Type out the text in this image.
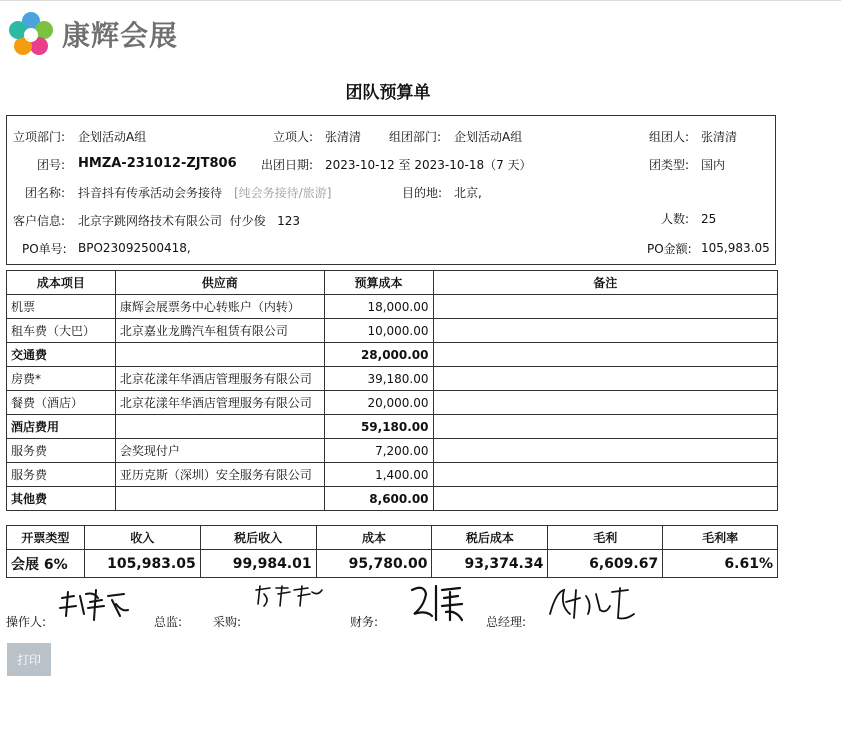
康辉会展
团队预算单
立项部门: 企划活动A组	立项人: 张清清 组团部门: 企划活动A组	组团人: 张清清
团号: HMZA-231012-ZJT806 出团日期: 2023-10-12 至 2023-10-18（7 天）	团类型: 国内
团名称: 抖音抖有传承活动会务接待 [纯会务接待/旅游]	目的地: 北京,
客户信息: 北京字跳网络技术有限公司  付少俊   123	人数: 25
PO单号: BPO23092500418,	PO金额: 105,983.05
成本项目	供应商	预算成本	备注
机票	康辉会展票务中心转账户（内转）	18,000.00	
租车费（大巴）	北京嘉业龙腾汽车租赁有限公司	10,000.00	
交通费		28,000.00	
房费*	北京花漾年华酒店管理服务有限公司	39,180.00	
餐费（酒店）	北京花漾年华酒店管理服务有限公司	20,000.00	
酒店费用		59,180.00	
服务费	会奖现付户	7,200.00	
服务费	亚历克斯（深圳）安全服务有限公司	1,400.00	
其他费		8,600.00	
开票类型	收入	税后收入	成本	税后成本	毛利	毛利率
会展 6%	105,983.05	99,984.01	95,780.00	93,374.34	6,609.67	6.61%
操作人:	总监:	采购:	财务:	总经理:
打印
